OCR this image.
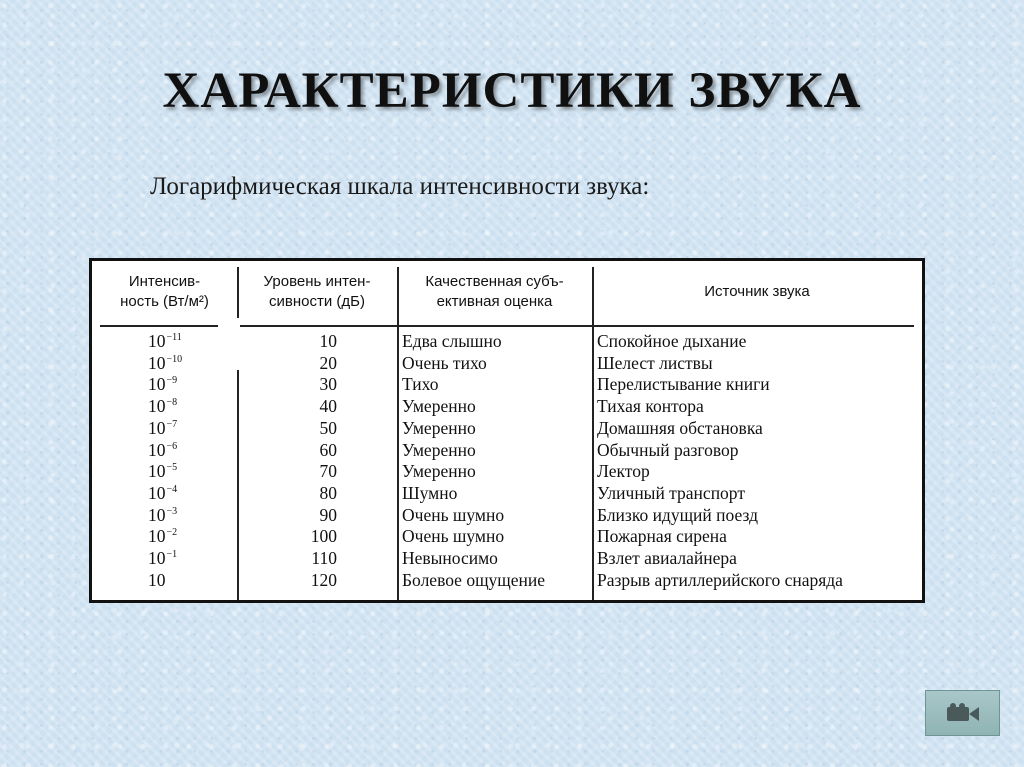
ХАРАКТЕРИСТИКИ ЗВУКА
Логарифмическая шкала интенсивности звука:
Интенсив-
ность (Вт/м²)
Уровень интен-
сивности (дБ)
Качественная субъ-
ективная оценка
Источник звука
$10^{-11}$
$10^{-10}$
$10^{-9}$
$10^{-8}$
$10^{-7}$
$10^{-6}$
$10^{-5}$
$10^{-4}$
$10^{-3}$
$10^{-2}$
$10^{-1}$
10
10
20
30
40
50
60
70
80
90
100
110
120
Едва слышно
Очень тихо
Тихо
Умеренно
Умеренно
Умеренно
Умеренно
Шумно
Очень шумно
Очень шумно
Невыносимо
Болевое ощущение
Спокойное дыхание
Шелест листвы
Перелистывание книги
Тихая контора
Домашняя обстановка
Обычный разговор
Лектор
Уличный транспорт
Близко идущий поезд
Пожарная сирена
Взлет авиалайнера
Разрыв артиллерийского снаряда
